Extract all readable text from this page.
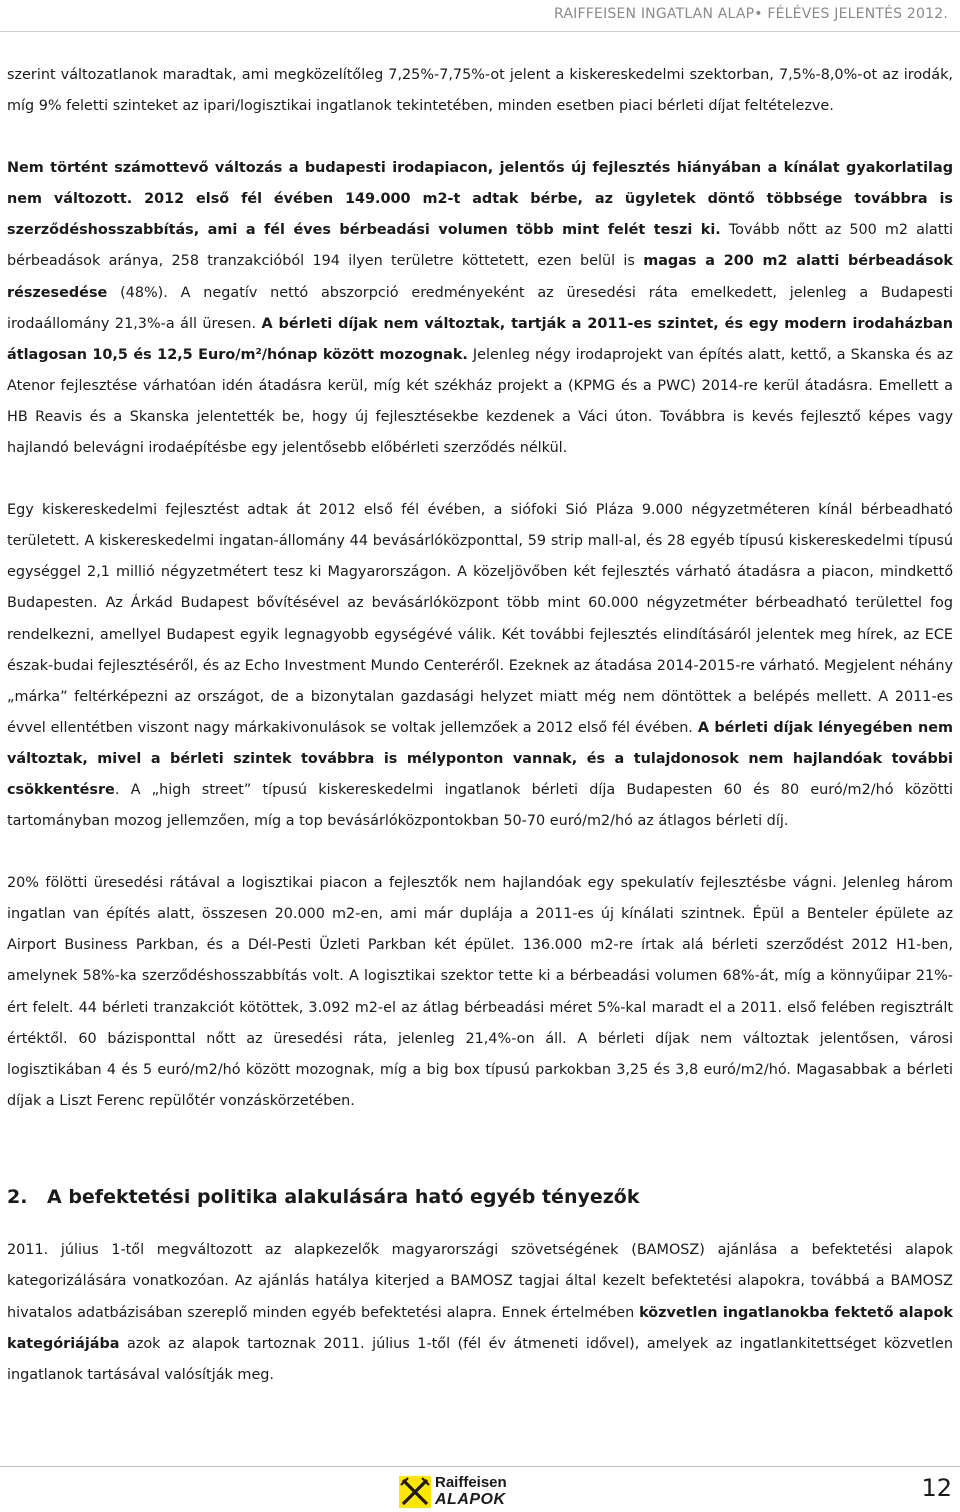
RAIFFEISEN INGATLAN ALAP• FÉLÉVES JELENTÉS 2012.

szerint változatlanok maradtak, ami megközelítőleg 7,25%-7,75%-ot jelent a kiskereskedelmi szektorban, 7,5%-8,0%-ot az irodák, míg 9% feletti szinteket az ipari/logisztikai ingatlanok tekintetében, minden esetben piaci bérleti díjat feltételezve.

Nem történt számottevő változás a budapesti irodapiacon, jelentős új fejlesztés hiányában a kínálat gyakorlatilag nem változott. 2012 első fél évében 149.000 m2-t adtak bérbe, az ügyletek döntő többsége továbbra is szerződéshosszabbítás, ami a fél éves bérbeadási volumen több mint felét teszi ki. Tovább nőtt az 500 m2 alatti bérbeadások aránya, 258 tranzakcióból 194 ilyen területre köttetett, ezen belül is magas a 200 m2 alatti bérbeadások részesedése (48%). A negatív nettó abszorpció eredményeként az üresedési ráta emelkedett, jelenleg a Budapesti irodaállomány 21,3%-a áll üresen. A bérleti díjak nem változtak, tartják a 2011-es szintet, és egy modern irodaházban átlagosan 10,5 és 12,5 Euro/m²/hónap között mozognak. Jelenleg négy irodaprojekt van építés alatt, kettő, a Skanska és az Atenor fejlesztése várhatóan idén átadásra kerül, míg két székház projekt a (KPMG és a PWC) 2014-re kerül átadásra. Emellett a HB Reavis és a Skanska jelentették be, hogy új fejlesztésekbe kezdenek a Váci úton. Továbbra is kevés fejlesztő képes vagy hajlandó belevágni irodaépítésbe egy jelentősebb előbérleti szerződés nélkül.

Egy kiskereskedelmi fejlesztést adtak át 2012 első fél évében, a siófoki Sió Pláza 9.000 négyzetméteren kínál bérbeadható területett. A kiskereskedelmi ingatan-állomány 44 bevásárlóközponttal, 59 strip mall-al, és 28 egyéb típusú kiskereskedelmi típusú egységgel 2,1 millió négyzetmétert tesz ki Magyarországon. A közeljövőben két fejlesztés várható átadásra a piacon, mindkettő Budapesten. Az Árkád Budapest bővítésével az bevásárlóközpont több mint 60.000 négyzetméter bérbeadható területtel fog rendelkezni, amellyel Budapest egyik legnagyobb egységévé válik. Két további fejlesztés elindításáról jelentek meg hírek, az ECE észak-budai fejlesztéséről, és az Echo Investment Mundo Centeréről. Ezeknek az átadása 2014-2015-re várható. Megjelent néhány „márka” feltérképezni az országot, de a bizonytalan gazdasági helyzet miatt még nem döntöttek a belépés mellett. A 2011-es évvel ellentétben viszont nagy márkakivonulások se voltak jellemzőek a 2012 első fél évében. A bérleti díjak lényegében nem változtak, mivel a bérleti szintek továbbra is mélyponton vannak, és a tulajdonosok nem hajlandóak további csökkentésre. A „high street” típusú kiskereskedelmi ingatlanok bérleti díja Budapesten 60 és 80 euró/m2/hó közötti tartományban mozog jellemzően, míg a top bevásárlóközpontokban 50-70 euró/m2/hó az átlagos bérleti díj.

20% fölötti üresedési rátával a logisztikai piacon a fejlesztők nem hajlandóak egy spekulatív fejlesztésbe vágni. Jelenleg három ingatlan van építés alatt, összesen 20.000 m2-en, ami már duplája a 2011-es új kínálati szintnek. Épül a Benteler épülete az Airport Business Parkban, és a Dél-Pesti Üzleti Parkban két épület. 136.000 m2-re írtak alá bérleti szerződést 2012 H1-ben, amelynek 58%-ka szerződéshosszabbítás volt. A logisztikai szektor tette ki a bérbeadási volumen 68%-át, míg a könnyűipar 21%-ért felelt. 44 bérleti tranzakciót kötöttek, 3.092 m2-el az átlag bérbeadási méret 5%-kal maradt el a 2011. első felében regisztrált értéktől. 60 bázisponttal nőtt az üresedési ráta, jelenleg 21,4%-on áll. A bérleti díjak nem változtak jelentősen, városi logisztikában 4 és 5 euró/m2/hó között mozognak, míg a big box típusú parkokban 3,25 és 3,8 euró/m2/hó. Magasabbak a bérleti díjak a Liszt Ferenc repülőtér vonzáskörzetében.

2. A befektetési politika alakulására ható egyéb tényezők

2011. július 1-től megváltozott az alapkezelők magyarországi szövetségének (BAMOSZ) ajánlása a befektetési alapok kategorizálására vonatkozóan. Az ajánlás hatálya kiterjed a BAMOSZ tagjai által kezelt befektetési alapokra, továbbá a BAMOSZ hivatalos adatbázisában szereplő minden egyéb befektetési alapra. Ennek értelmében közvetlen ingatlanokba fektető alapok kategóriájába azok az alapok tartoznak 2011. július 1-től (fél év átmeneti idővel), amelyek az ingatlankitettséget közvetlen ingatlanok tartásával valósítják meg.

Raiffeisen
ALAPOK	12
